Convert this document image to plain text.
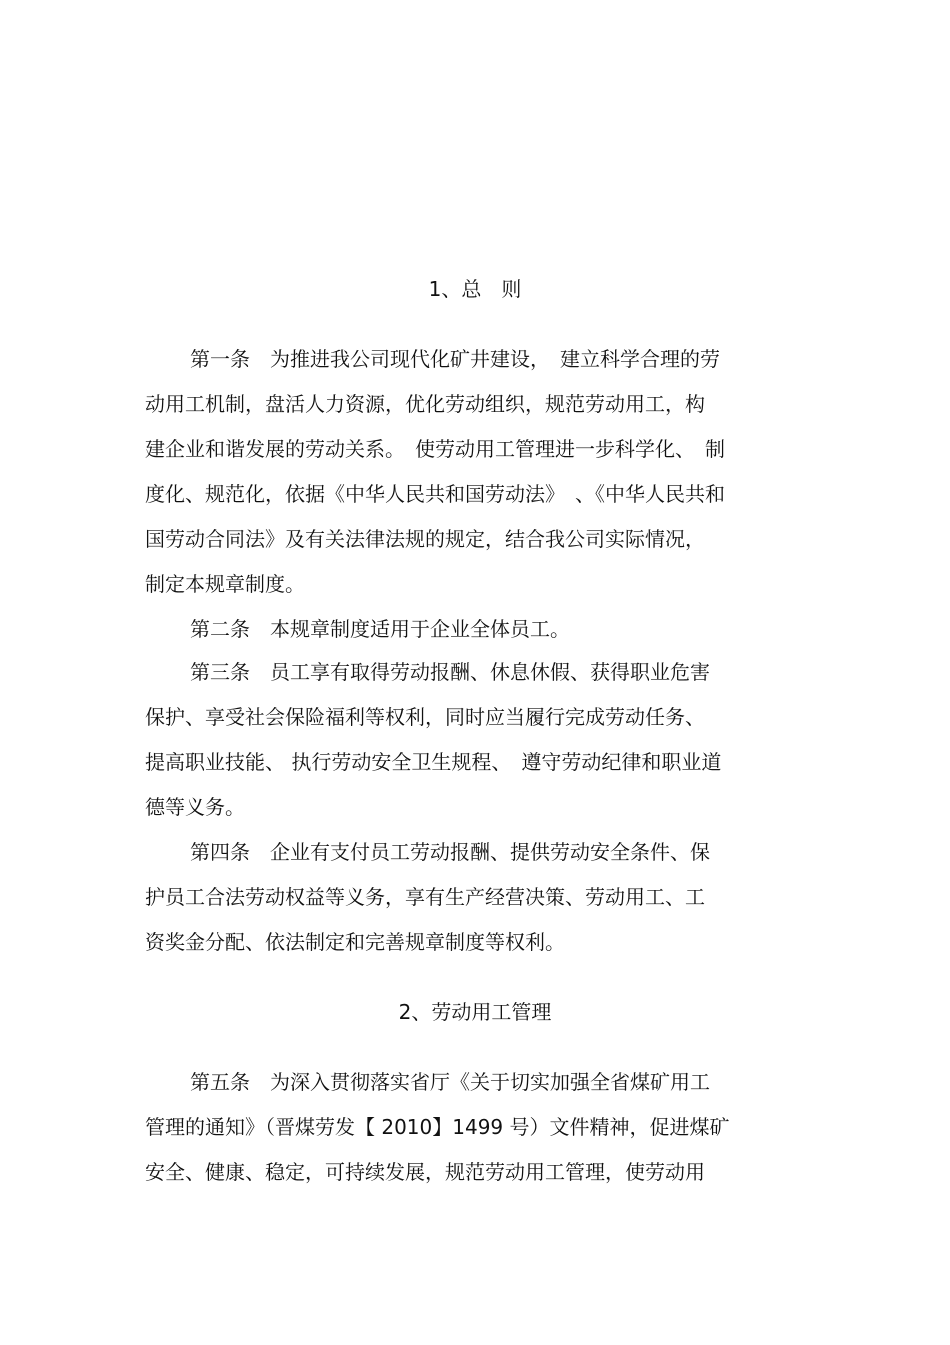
1、总　则
第一条　为推进我公司现代化矿井建设，　建立科学合理的劳
动用工机制，盘活人力资源，优化劳动组织，规范劳动用工，构
建企业和谐发展的劳动关系。　使劳动用工管理进一步科学化、　制
度化、规范化，依据《中华人民共和国劳动法》　、《中华人民共和
国劳动合同法》及有关法律法规的规定，结合我公司实际情况，
制定本规章制度。
第二条　本规章制度适用于企业全体员工。
第三条　员工享有取得劳动报酬、休息休假、获得职业危害
保护、享受社会保险福利等权利，同时应当履行完成劳动任务、
提高职业技能、 执行劳动安全卫生规程、　遵守劳动纪律和职业道
德等义务。
第四条　企业有支付员工劳动报酬、提供劳动安全条件、保
护员工合法劳动权益等义务，享有生产经营决策、劳动用工、工
资奖金分配、依法制定和完善规章制度等权利。
2、劳动用工管理
第五条　为深入贯彻落实省厅《关于切实加强全省煤矿用工
管理的通知》（晋煤劳发【 2010】1499 号）文件精神，促进煤矿
安全、健康、稳定，可持续发展，规范劳动用工管理，使劳动用
